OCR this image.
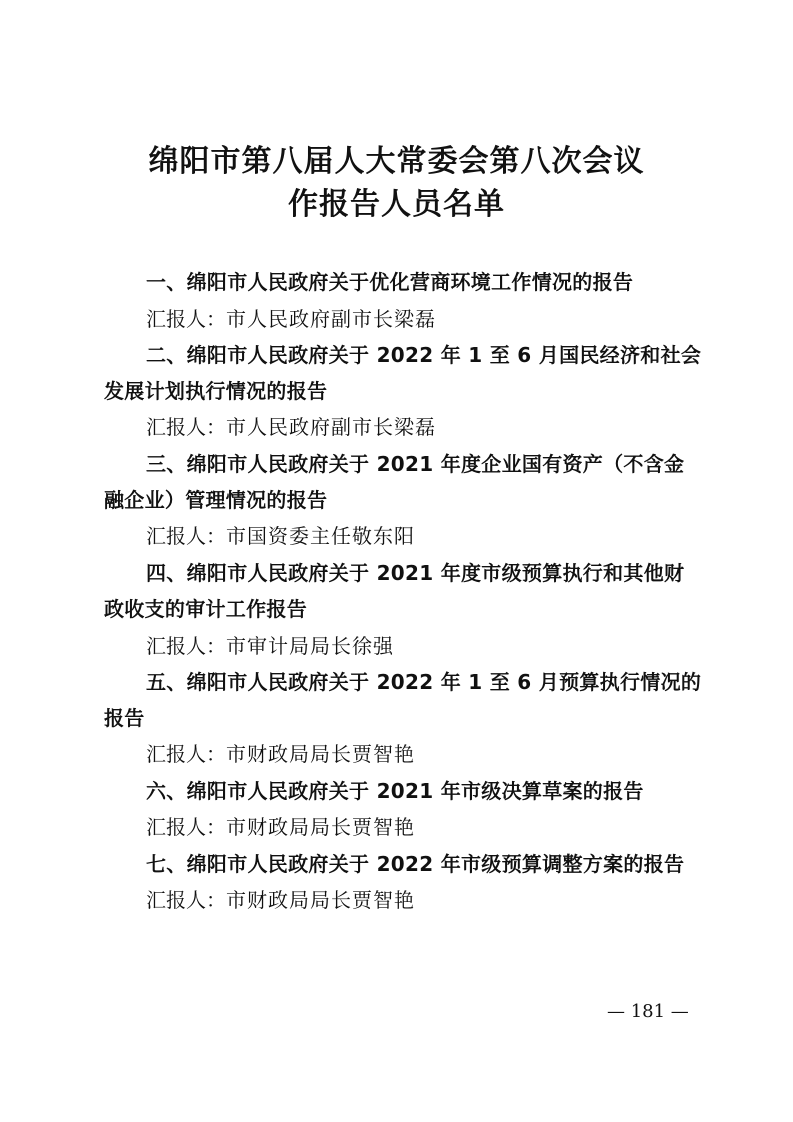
绵阳市第八届人大常委会第八次会议
作报告人员名单
一、绵阳市人民政府关于优化营商环境工作情况的报告
汇报人：市人民政府副市长梁磊
二、绵阳市人民政府关于 2022 年 1 至 6 月国民经济和社会
发展计划执行情况的报告
汇报人：市人民政府副市长梁磊
三、绵阳市人民政府关于 2021 年度企业国有资产（不含金
融企业）管理情况的报告
汇报人：市国资委主任敬东阳
四、绵阳市人民政府关于 2021 年度市级预算执行和其他财
政收支的审计工作报告
汇报人：市审计局局长徐强
五、绵阳市人民政府关于 2022 年 1 至 6 月预算执行情况的
报告
汇报人：市财政局局长贾智艳
六、绵阳市人民政府关于 2021 年市级决算草案的报告
汇报人：市财政局局长贾智艳
七、绵阳市人民政府关于 2022 年市级预算调整方案的报告
汇报人：市财政局局长贾智艳
— 181 —
